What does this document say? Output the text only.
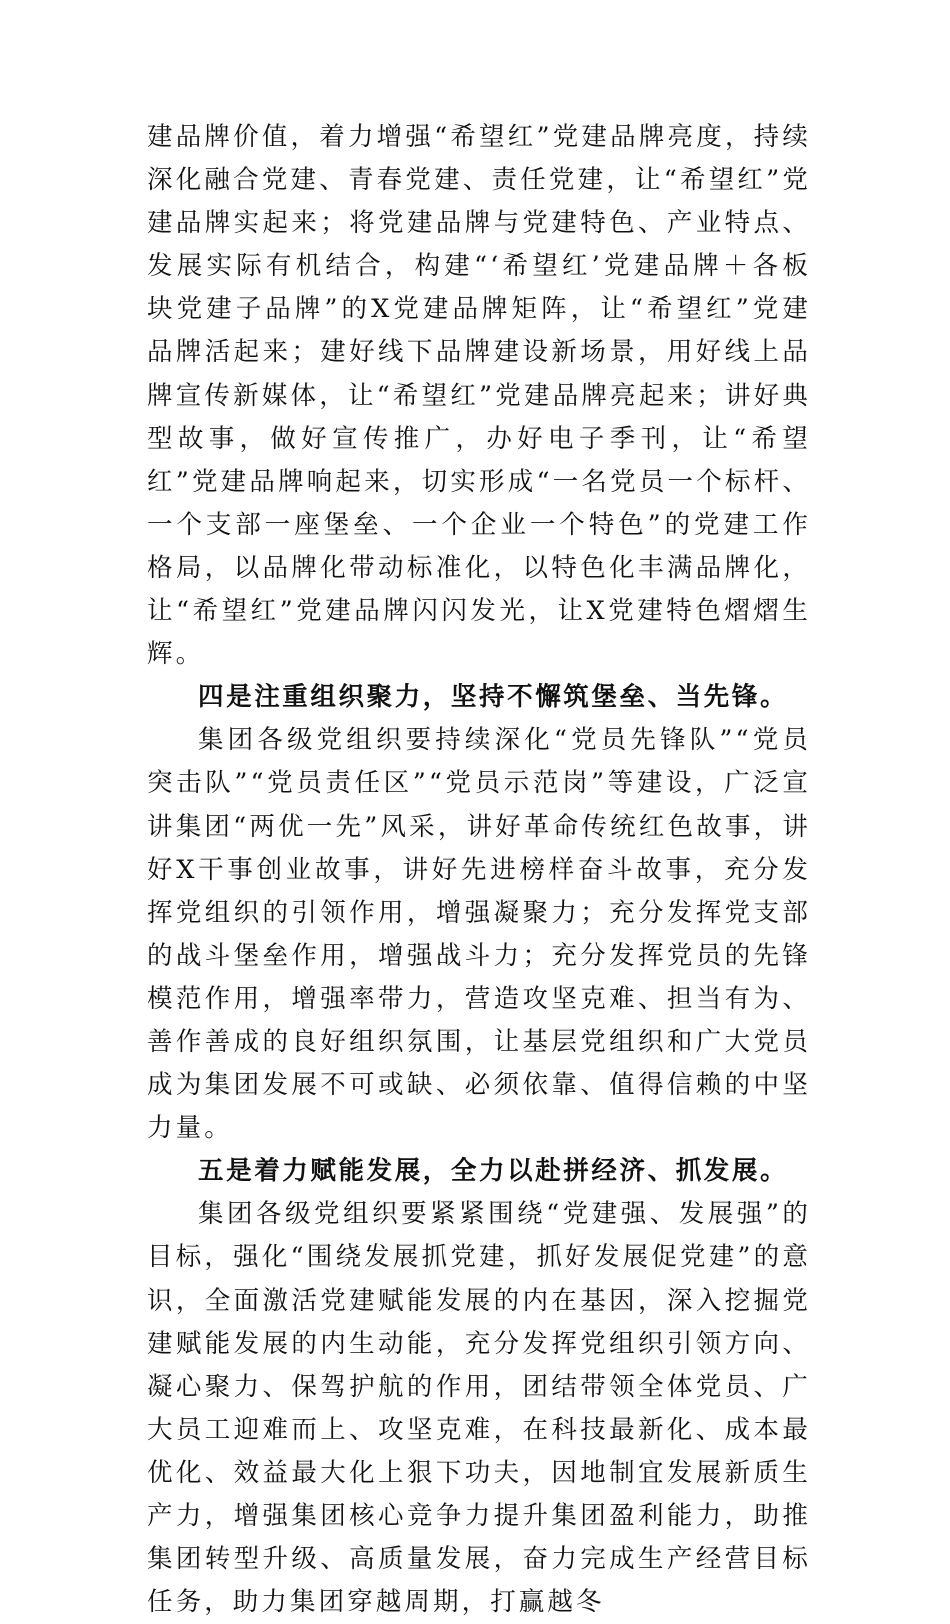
建品牌价值，着力增强“希望红”党建品牌亮度，持续深化融合党建、青春党建、责任党建，让“希望红”党建品牌实起来；将党建品牌与党建特色、产业特点、发展实际有机结合，构建“‘希望红’党建品牌＋各板块党建子品牌”的X党建品牌矩阵，让“希望红”党建品牌活起来；建好线下品牌建设新场景，用好线上品牌宣传新媒体，让“希望红”党建品牌亮起来；讲好典型故事，做好宣传推广，办好电子季刊，让“希望红”党建品牌响起来，切实形成“一名党员一个标杆、一个支部一座堡垒、一个企业一个特色”的党建工作格局，以品牌化带动标准化，以特色化丰满品牌化，让“希望红”党建品牌闪闪发光，让X党建特色熠熠生辉。

四是注重组织聚力，坚持不懈筑堡垒、当先锋。

集团各级党组织要持续深化“党员先锋队”“党员突击队”“党员责任区”“党员示范岗”等建设，广泛宣讲集团“两优一先”风采，讲好革命传统红色故事，讲好X干事创业故事，讲好先进榜样奋斗故事，充分发挥党组织的引领作用，增强凝聚力；充分发挥党支部的战斗堡垒作用，增强战斗力；充分发挥党员的先锋模范作用，增强率带力，营造攻坚克难、担当有为、善作善成的良好组织氛围，让基层党组织和广大党员成为集团发展不可或缺、必须依靠、值得信赖的中坚力量。

五是着力赋能发展，全力以赴拼经济、抓发展。

集团各级党组织要紧紧围绕“党建强、发展强”的目标，强化“围绕发展抓党建，抓好发展促党建”的意识，全面激活党建赋能发展的内在基因，深入挖掘党建赋能发展的内生动能，充分发挥党组织引领方向、凝心聚力、保驾护航的作用，团结带领全体党员、广大员工迎难而上、攻坚克难，在科技最新化、成本最优化、效益最大化上狠下功夫，因地制宜发展新质生产力，增强集团核心竞争力提升集团盈利能力，助推集团转型升级、高质量发展，奋力完成生产经营目标任务，助力集团穿越周期，打赢越冬
